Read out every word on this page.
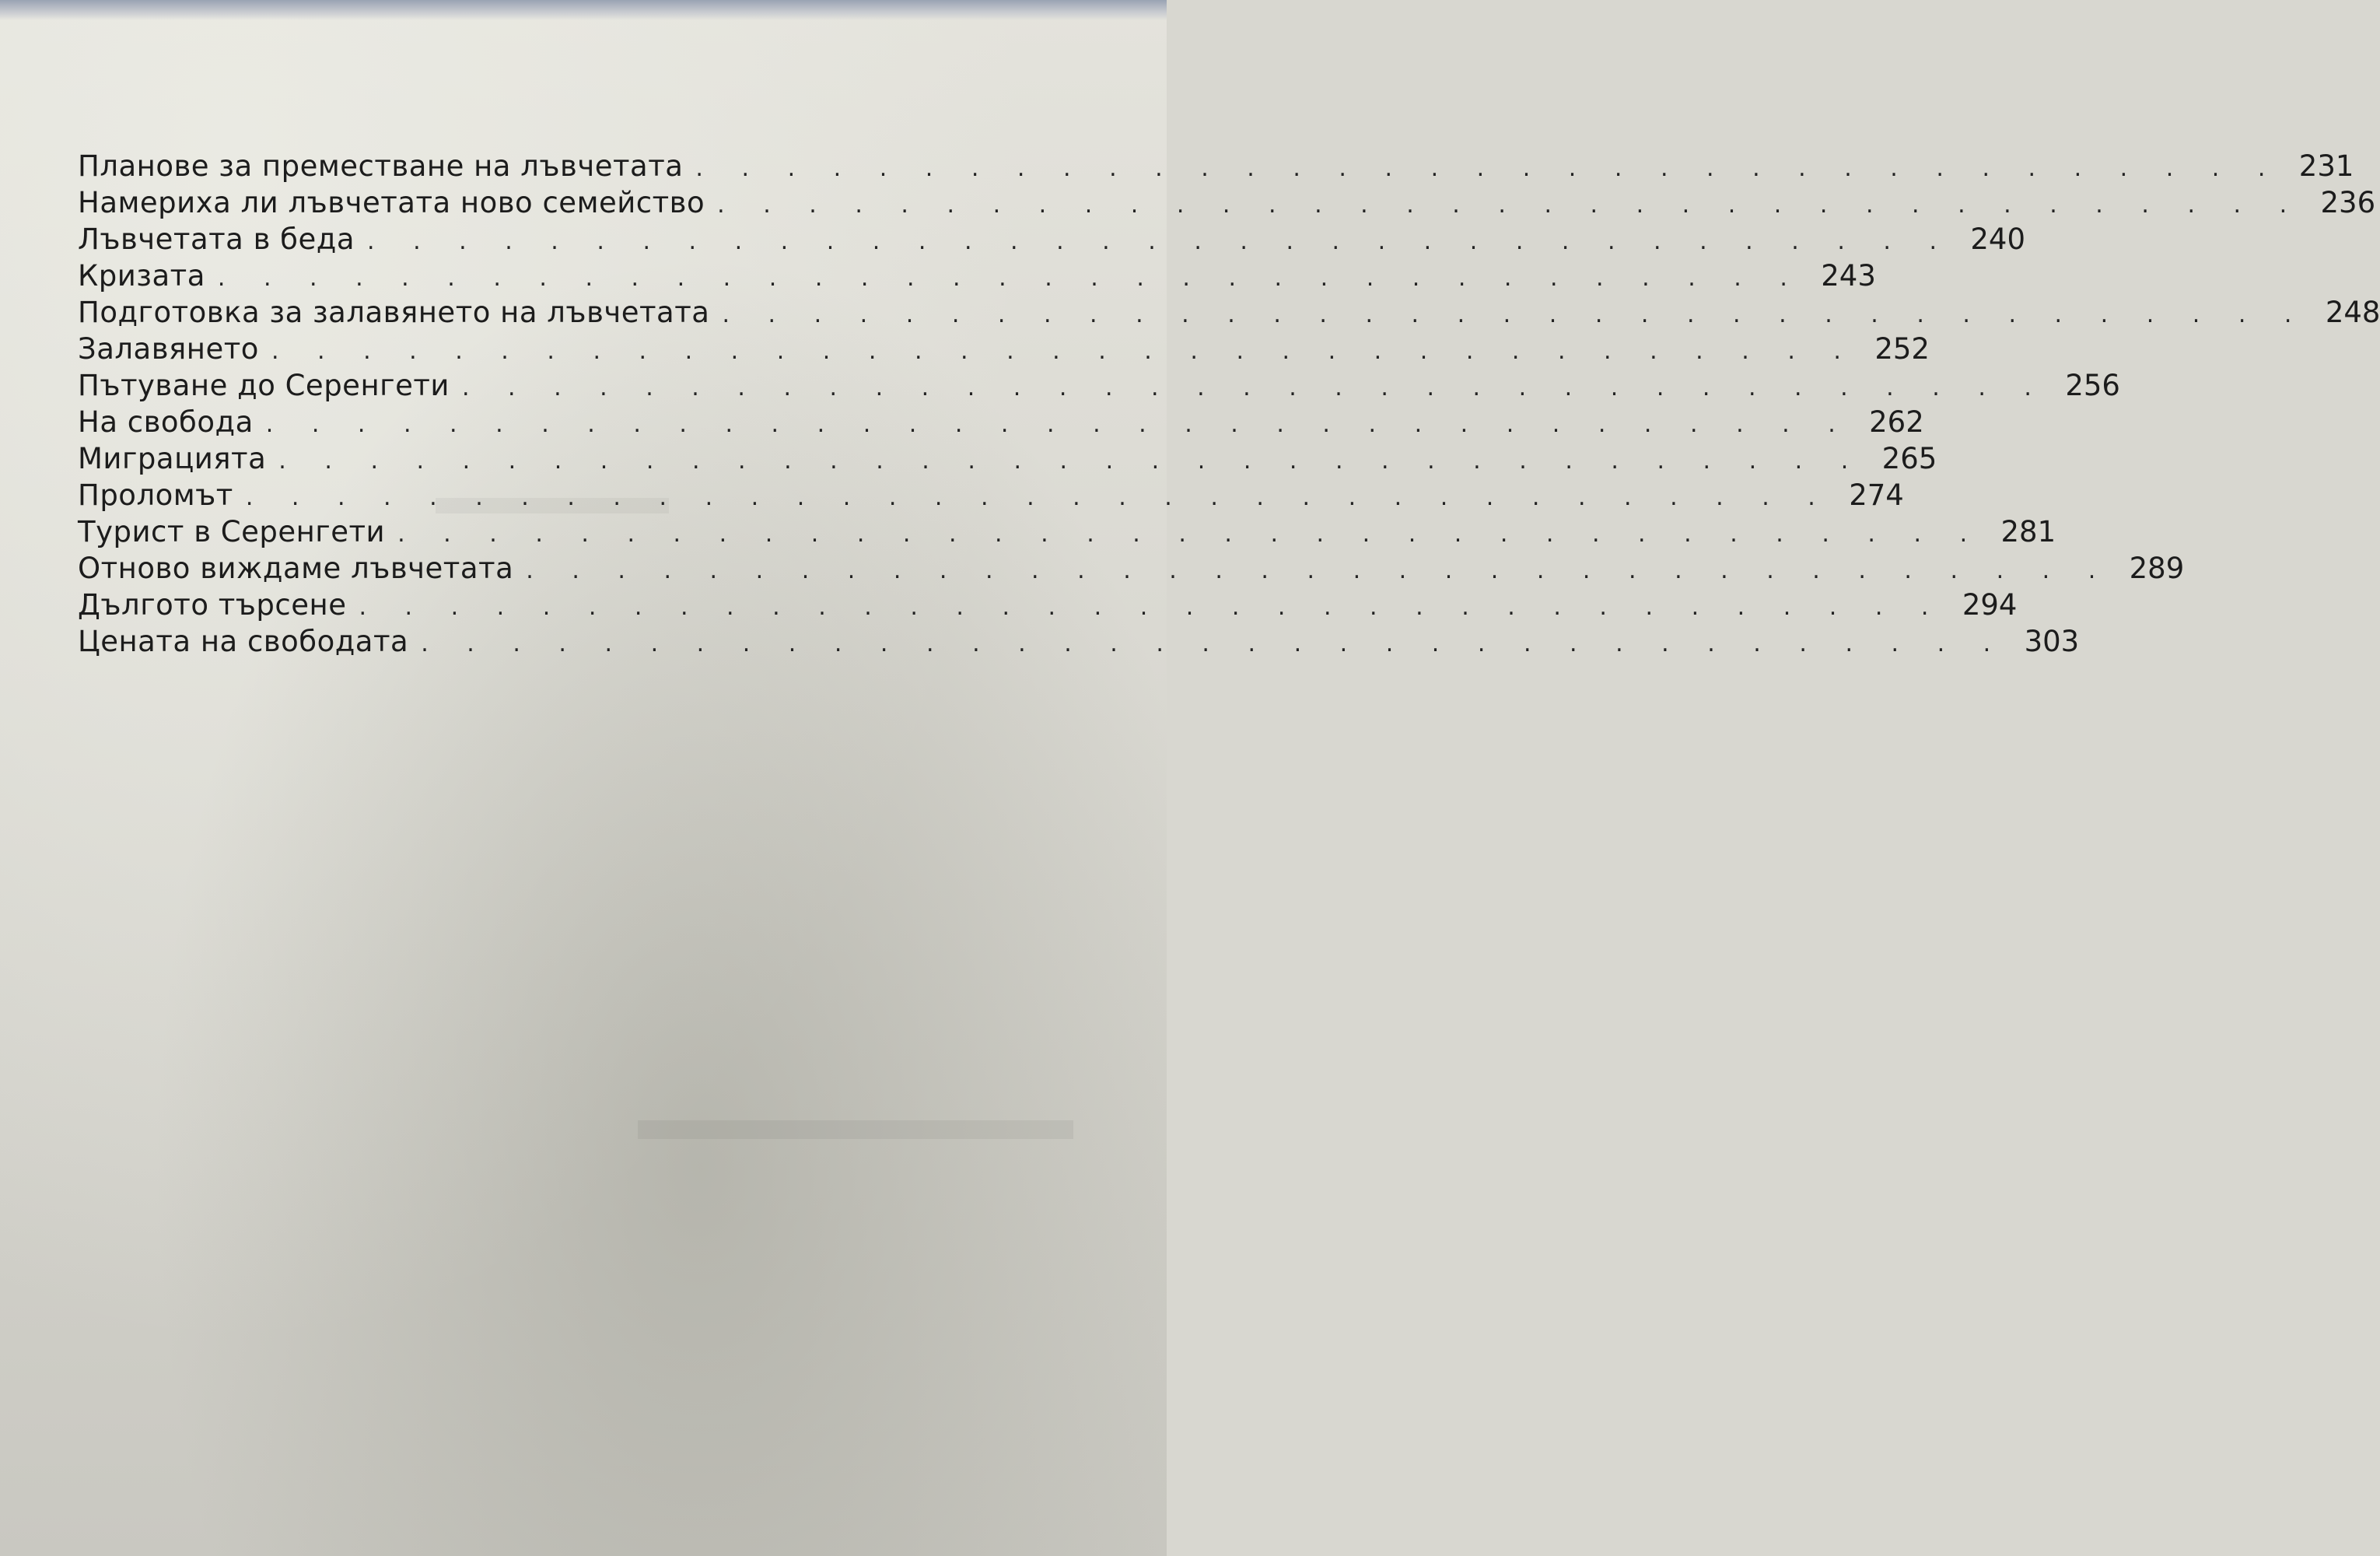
Планове за преместване на лъвчетата . . . . . . . . . . . . . . . . . . . . . . . . . . . . . . . . . . . 231
Намериха ли лъвчетата ново семейство . . . . . . . . . . . . . . . . . . . . . . . . . . . . . . . . . . . 236
Лъвчетата в беда . . . . . . . . . . . . . . . . . . . . . . . . . . . . . . . . . . . 240
Кризата . . . . . . . . . . . . . . . . . . . . . . . . . . . . . . . . . . . 243
Подготовка за залавянето на лъвчетата . . . . . . . . . . . . . . . . . . . . . . . . . . . . . . . . . . . 248
Залавянето . . . . . . . . . . . . . . . . . . . . . . . . . . . . . . . . . . . 252
Пътуване до Серенгети . . . . . . . . . . . . . . . . . . . . . . . . . . . . . . . . . . . 256
На свобода . . . . . . . . . . . . . . . . . . . . . . . . . . . . . . . . . . . 262
Миграцията . . . . . . . . . . . . . . . . . . . . . . . . . . . . . . . . . . . 265
Проломът . . . . . . . . . . . . . . . . . . . . . . . . . . . . . . . . . . . 274
Турист в Серенгети . . . . . . . . . . . . . . . . . . . . . . . . . . . . . . . . . . . 281
Отново виждаме лъвчетата . . . . . . . . . . . . . . . . . . . . . . . . . . . . . . . . . . . 289
Дългото търсене . . . . . . . . . . . . . . . . . . . . . . . . . . . . . . . . . . . 294
Цената на свободата . . . . . . . . . . . . . . . . . . . . . . . . . . . . . . . . . . . 303
